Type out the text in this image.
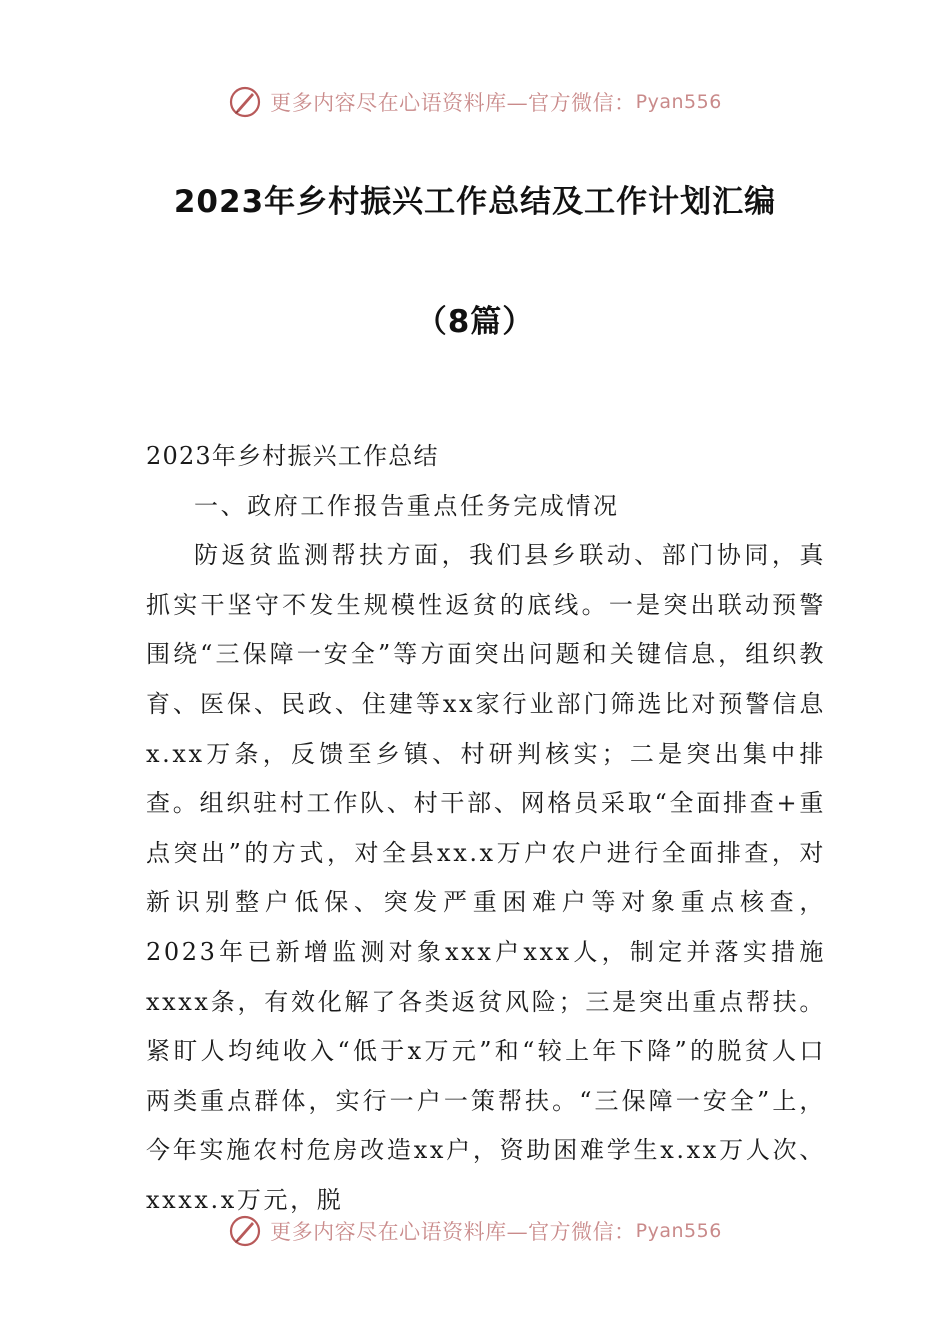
更多内容尽在心语资料库—官方微信： Pyan556
2023年乡村振兴工作总结及工作计划汇编
（8篇）

2023年乡村振兴工作总结

一、政府工作报告重点任务完成情况

防返贫监测帮扶方面，我们县乡联动、部门协同，真抓实干坚守不发生规模性返贫的底线。一是突出联动预警围绕“三保障一安全”等方面突出问题和关键信息，组织教育、医保、民政、住建等xx家行业部门筛选比对预警信息x.xx万条，反馈至乡镇、村研判核实；二是突出集中排查。组织驻村工作队、村干部、网格员采取“全面排查+重点突出”的方式，对全县xx.x万户农户进行全面排查，对新识别整户低保、突发严重困难户等对象重点核查，2023年已新增监测对象xxx户xxx人，制定并落实措施xxxx条，有效化解了各类返贫风险；三是突出重点帮扶。紧盯人均纯收入“低于x万元”和“较上年下降”的脱贫人口两类重点群体，实行一户一策帮扶。“三保障一安全”上，今年实施农村危房改造xx户，资助困难学生x.xx万人次、xxxx.x万元，脱

更多内容尽在心语资料库—官方微信： Pyan556
